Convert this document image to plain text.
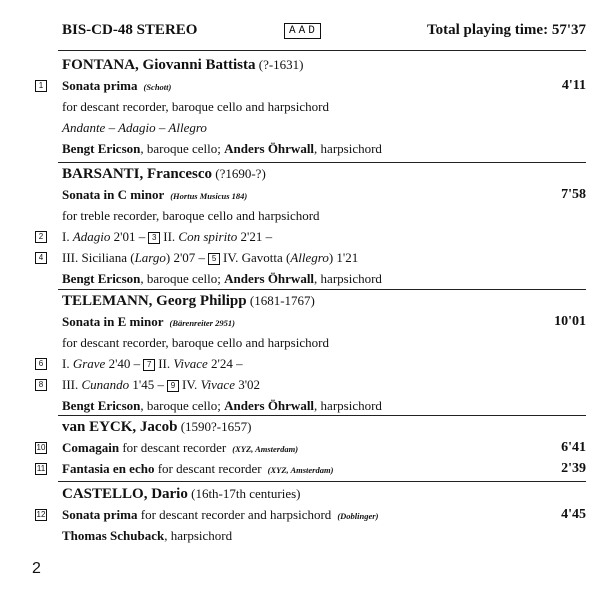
BIS-CD-48 STEREO	AAD	Total playing time: 57'37
FONTANA, Giovanni Battista (?-1631)
1 Sonata prima (Schott)	4'11
for descant recorder, baroque cello and harpsichord
Andante – Adagio – Allegro
Bengt Ericson, baroque cello; Anders Öhrwall, harpsichord
BARSANTI, Francesco (?1690-?)
Sonata in C minor (Hortus Musicus 184)	7'58
for treble recorder, baroque cello and harpsichord
2 I. Adagio 2'01 – 3 II. Con spirito 2'21 –
4 III. Siciliana (Largo) 2'07 – 5 IV. Gavotta (Allegro) 1'21
Bengt Ericson, baroque cello; Anders Öhrwall, harpsichord
TELEMANN, Georg Philipp (1681-1767)
Sonata in E minor (Bärenreiter 2951)	10'01
for descant recorder, baroque cello and harpsichord
6 I. Grave 2'40 – 7 II. Vivace 2'24 –
8 III. Cunando 1'45 – 9 IV. Vivace 3'02
Bengt Ericson, baroque cello; Anders Öhrwall, harpsichord
van EYCK, Jacob (1590?-1657)
10 Comagain for descant recorder (XYZ, Amsterdam)	6'41
11 Fantasia en echo for descant recorder (XYZ, Amsterdam)	2'39
CASTELLO, Dario (16th-17th centuries)
12 Sonata prima for descant recorder and harpsichord (Doblinger)	4'45
Thomas Schuback, harpsichord
2
